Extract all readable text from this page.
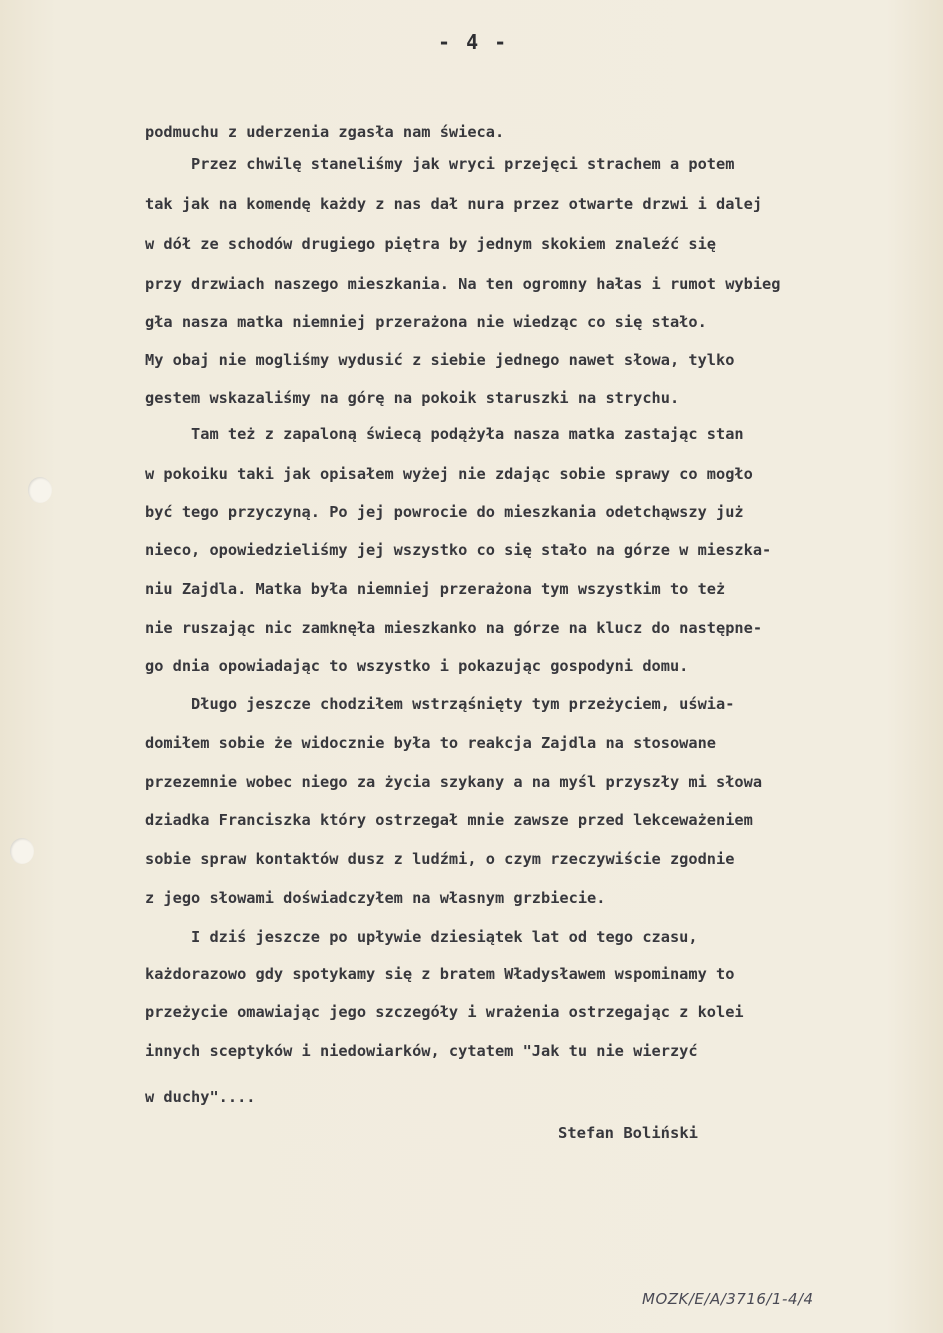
- 4 -
podmuchu z uderzenia zgasła nam świeca.
Przez chwilę staneliśmy jak wryci przejęci strachem a potem
tak jak na komendę każdy z nas dał nura przez otwarte drzwi i dalej
w dół ze schodów drugiego piętra by jednym skokiem znaleźć się
przy drzwiach naszego mieszkania. Na ten ogromny hałas i rumot wybieg
gła nasza matka niemniej przerażona nie wiedząc co się stało.
My obaj nie mogliśmy wydusić z siebie jednego nawet słowa, tylko
gestem wskazaliśmy na górę na pokoik staruszki na strychu.
Tam też z zapaloną świecą podążyła nasza matka zastając stan
w pokoiku taki jak opisałem wyżej nie zdając sobie sprawy co mogło
być tego przyczyną. Po jej powrocie do mieszkania odetchąwszy już
nieco, opowiedzieliśmy jej wszystko co się stało na górze w mieszka-
niu Zajdla. Matka była niemniej przerażona tym wszystkim to też
nie ruszając nic zamknęła mieszkanko na górze na klucz do następne-
go dnia opowiadając to wszystko i pokazując gospodyni domu.
Długo jeszcze chodziłem wstrząśnięty tym przeżyciem, uświa-
domiłem sobie że widocznie była to reakcja Zajdla na stosowane
przezemnie wobec niego za życia szykany a na myśl przyszły mi słowa
dziadka Franciszka który ostrzegał mnie zawsze przed lekceważeniem
sobie spraw kontaktów dusz z ludźmi, o czym rzeczywiście zgodnie
z jego słowami doświadczyłem na własnym grzbiecie.
I dziś jeszcze po upływie dziesiątek lat od tego czasu,
każdorazowo gdy spotykamy się z bratem Władysławem wspominamy to
przeżycie omawiając jego szczegóły i wrażenia ostrzegając z kolei
innych sceptyków i niedowiarków, cytatem "Jak tu nie wierzyć
w duchy"....
Stefan Boliński
MOZK/E/A/3716/1-4/4
